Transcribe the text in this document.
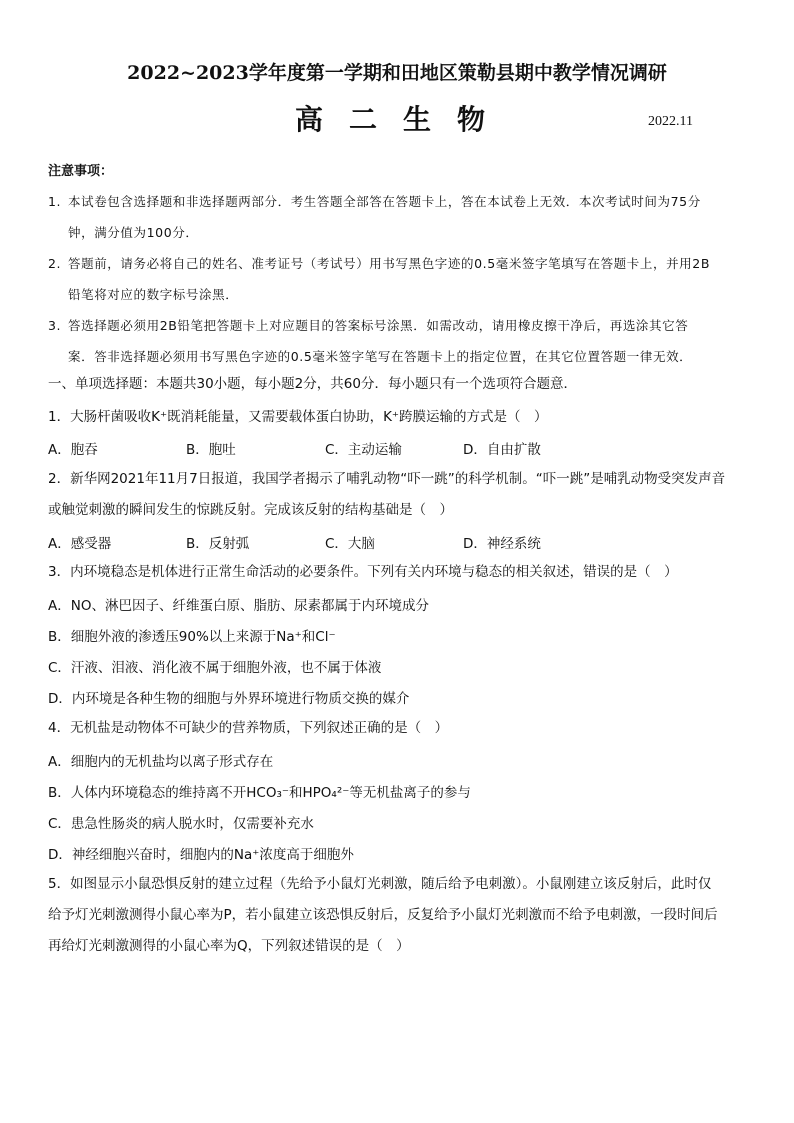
2022~2023学年度第一学期和田地区策勒县期中教学情况调研
高二生物	2022.11
注意事项：
1. 本试卷包含选择题和非选择题两部分．考生答题全部答在答题卡上，答在本试卷上无效．本次考试时间为75分
钟，满分值为100分．
2. 答题前，请务必将自己的姓名、准考证号（考试号）用书写黑色字迹的0.5毫米签字笔填写在答题卡上，并用2B
铅笔将对应的数字标号涂黑．
3. 答选择题必须用2B铅笔把答题卡上对应题目的答案标号涂黑．如需改动，请用橡皮擦干净后，再选涂其它答
案．答非选择题必须用书写黑色字迹的0.5毫米签字笔写在答题卡上的指定位置，在其它位置答题一律无效．
一、单项选择题：本题共30小题，每小题2分，共60分．每小题只有一个选项符合题意．
1．大肠杆菌吸收K⁺既消耗能量，又需要载体蛋白协助，K⁺跨膜运输的方式是（　）
A．胞吞	B．胞吐	C．主动运输	D．自由扩散
2．新华网2021年11月7日报道，我国学者揭示了哺乳动物“吓一跳”的科学机制。“吓一跳”是哺乳动物受突发声音
或触觉刺激的瞬间发生的惊跳反射。完成该反射的结构基础是（　）
A．感受器	B．反射弧	C．大脑	D．神经系统
3．内环境稳态是机体进行正常生命活动的必要条件。下列有关内环境与稳态的相关叙述，错误的是（　）
A．NO、淋巴因子、纤维蛋白原、脂肪、尿素都属于内环境成分
B．细胞外液的渗透压90%以上来源于Na⁺和Cl⁻
C．汗液、泪液、消化液不属于细胞外液，也不属于体液
D．内环境是各种生物的细胞与外界环境进行物质交换的媒介
4．无机盐是动物体不可缺少的营养物质，下列叙述正确的是（　）
A．细胞内的无机盐均以离子形式存在
B．人体内环境稳态的维持离不开HCO₃⁻和HPO₄²⁻等无机盐离子的参与
C．患急性肠炎的病人脱水时，仅需要补充水
D．神经细胞兴奋时，细胞内的Na⁺浓度高于细胞外
5．如图显示小鼠恐惧反射的建立过程（先给予小鼠灯光刺激，随后给予电刺激）。小鼠刚建立该反射后，此时仅
给予灯光刺激测得小鼠心率为P，若小鼠建立该恐惧反射后，反复给予小鼠灯光刺激而不给予电刺激，一段时间后
再给灯光刺激测得的小鼠心率为Q，下列叙述错误的是（　）
